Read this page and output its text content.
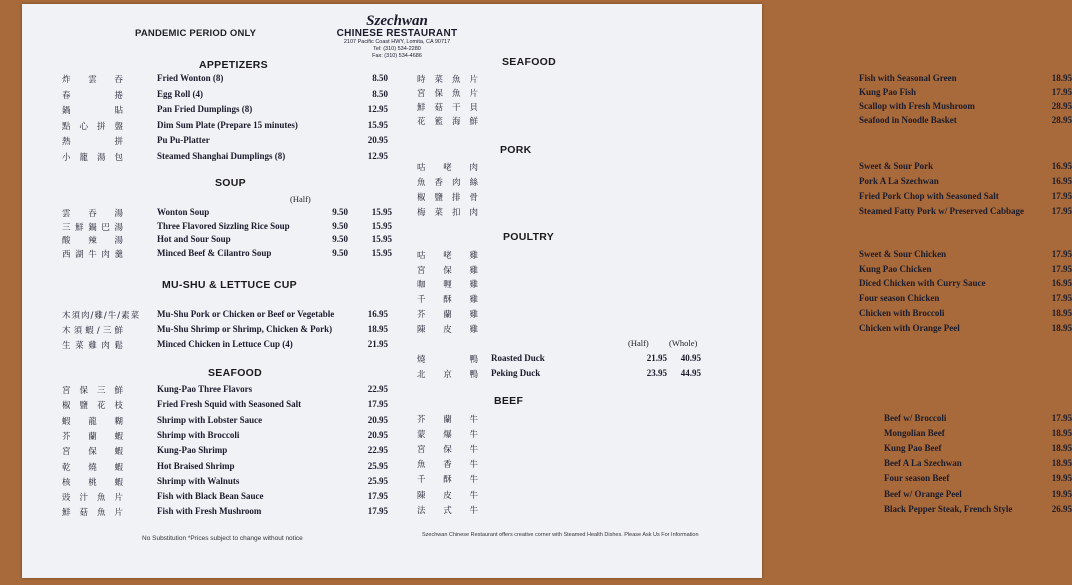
PANDEMIC PERIOD ONLY
Szechwan
CHINESE RESTAURANT
2107 Pacific Coast HWY, Lomita, CA 90717
Tel: (310) 534-2280
Fax: (310) 534-4686
APPETIZERS
炸雲吞	Fried Wonton (8)	8.50
春捲	Egg Roll (4)	8.50
鍋貼	Pan Fried Dumplings (8)	12.95
點心拼盤	Dim Sum Plate (Prepare 15 minutes)	15.95
熱拼	Pu Pu-Platter	20.95
小籠湯包	Steamed Shanghai Dumplings (8)	12.95
SOUP
雲吞湯	Wonton Soup	9.50	15.95
三鮮鍋巴湯	Three Flavored Sizzling Rice Soup	9.50	15.95
酸辣湯	Hot and Sour Soup	9.50	15.95
西湖牛肉羹	Minced Beef & Cilantro Soup	9.50	15.95
(Half)
MU-SHU & LETTUCE CUP
木須肉/雞/牛/素菜 Mu-Shu Pork or Chicken or Beef or Vegetable	16.95
木須蝦/三鮮	Mu-Shu Shrimp or Shrimp, Chicken & Pork)	18.95
生菜雞肉鬆	Minced Chicken in Lettuce Cup (4)	21.95
SEAFOOD
宮保三鮮	Kung-Pao Three Flavors	22.95
椒鹽花枝	Fried Fresh Squid with Seasoned Salt	17.95
蝦龍糊	Shrimp with Lobster Sauce	20.95
芥蘭蝦	Shrimp with Broccoli	20.95
宮保蝦	Kung-Pao Shrimp	22.95
乾燒蝦	Hot Braised Shrimp	25.95
核桃蝦	Shrimp with Walnuts	25.95
豉汁魚片	Fish with Black Bean Sauce	17.95
鮮菇魚片	Fish with Fresh Mushroom	17.95
SEAFOOD
時菜魚片	Fish with Seasonal Green	18.95
宮保魚片	Kung Pao Fish	17.95
鮮菇干貝	Scallop with Fresh Mushroom	28.95
花籃海鮮	Seafood in Noodle Basket	28.95
PORK
咕咾肉	Sweet & Sour Pork	16.95
魚香肉絲	Pork A La Szechwan	16.95
椒鹽排骨	Fried Pork Chop with Seasoned Salt	17.95
梅菜扣肉	Steamed Fatty Pork w/ Preserved Cabbage	17.95
POULTRY
咕咾雞	Sweet & Sour Chicken	17.95
宮保雞	Kung Pao Chicken	17.95
咖喱雞	Diced Chicken with Curry Sauce	16.95
千酥雞	Four season Chicken	17.95
芥蘭雞	Chicken with Broccoli	18.95
陳皮雞	Chicken with Orange Peel	18.95
(Half) (Whole)
燒鴨 Roasted Duck	21.95	40.95
北京鴨 Peking Duck	23.95	44.95
BEEF
芥蘭牛	Beef w/ Broccoli	17.95
蒙爆牛	Mongolian Beef	18.95
宮保牛	Kung Pao Beef	18.95
魚香牛	Beef A La Szechwan	18.95
千酥牛	Four season Beef	19.95
陳皮牛	Beef w/ Orange Peel	19.95
法式牛	Black Pepper Steak, French Style	26.95
No Substitution *Prices subject to change without notice	Szechwan Chinese Restaurant offers creative corner with Steamed Health Dishes. Please Ask Us For Information
